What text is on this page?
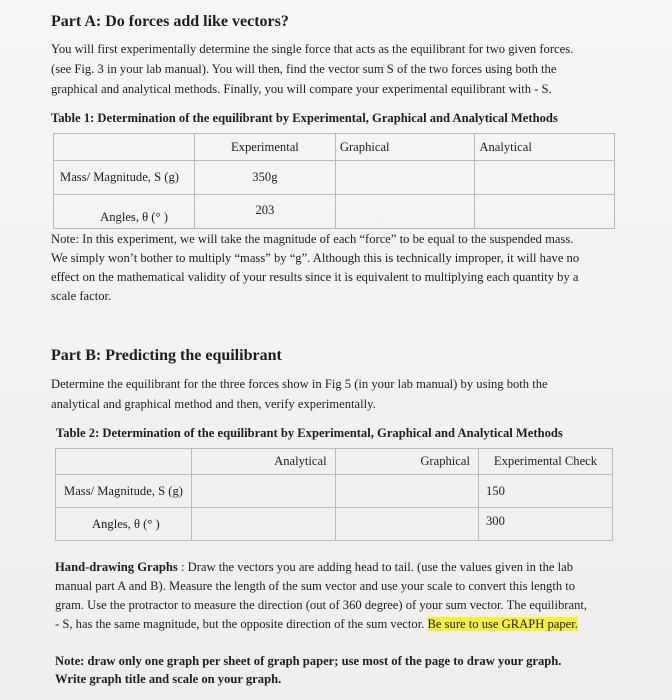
Part A: Do forces add like vectors?

You will first experimentally determine the single force that acts as the equilibrant for two given forces.

(see Fig. 3 in your lab manual). You will then, find the vector sum S of the two forces using both the

graphical and analytical methods. Finally, you will compare your experimental equilibrant with - S.

Table 1: Determination of the equilibrant by Experimental, Graphical and Analytical Methods

	Experimental	Graphical	Analytical
Mass/ Magnitude, S (g)	350g		
Angles, θ (° )	203		

Note: In this experiment, we will take the magnitude of each “force” to be equal to the suspended mass.

We simply won’t bother to multiply “mass” by “g”. Although this is technically improper, it will have no

effect on the mathematical validity of your results since it is equivalent to multiplying each quantity by a

scale factor.

Part B: Predicting the equilibrant

Determine the equilibrant for the three forces show in Fig 5 (in your lab manual) by using both the

analytical and graphical method and then, verify experimentally.

Table 2: Determination of the equilibrant by Experimental, Graphical and Analytical Methods

	Analytical	Graphical	Experimental Check
Mass/ Magnitude, S (g)			150
Angles, θ (° )			300

Hand-drawing Graphs : Draw the vectors you are adding head to tail. (use the values given in the lab

manual part A and B). Measure the length of the sum vector and use your scale to convert this length to

gram. Use the protractor to measure the direction (out of 360 degree) of your sum vector. The equilibrant,

- S, has the same magnitude, but the opposite direction of the sum vector. Be sure to use GRAPH paper.

Note: draw only one graph per sheet of graph paper; use most of the page to draw your graph.

Write graph title and scale on your graph.
